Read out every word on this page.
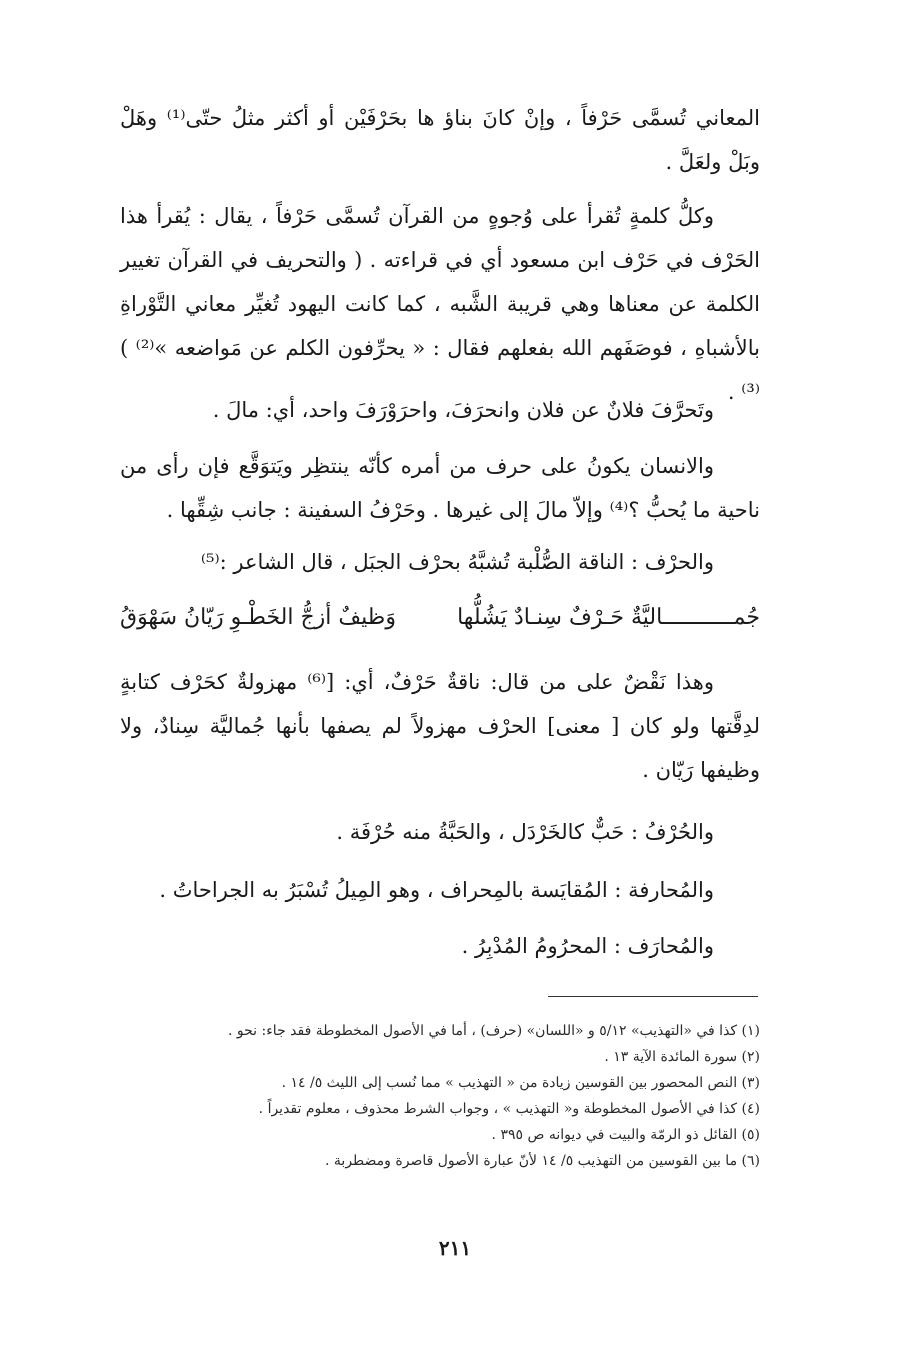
المعاني تُسمَّى حَرْفاً ، وإنْ كانَ بناؤ ها بحَرْفَيْن أو أكثر مثلُ حتّى⁽¹⁾ وهَلْ وبَلْ ولعَلَّ .

وكلُّ كلمةٍ تُقرأ على وُجوهٍ من القرآن تُسمَّى حَرْفاً ، يقال : يُقرأ هذا الحَرْف في حَرْف ابن مسعود أي في قراءته . ( والتحريف في القرآن تغيير الكلمة عن معناها وهي قريبة الشَّبه ، كما كانت اليهود تُغيِّر معاني التَّوْراةِ بالأشباهِ ، فوصَفَهم الله بفعلهم فقال : « يحرِّفون الكلم عن مَواضعه »⁽²⁾ )⁽³⁾ .

وتَحرَّفَ فلانٌ عن فلان وانحرَفَ، واحرَوْرَفَ واحد، أي: مالَ .

والانسان يكونُ على حرف من أمره كأنّه ينتظِر ويَتوَقَّع فإن رأى من ناحية ما يُحبُّ ؟⁽⁴⁾ وإلاّ مالَ إلى غيرها . وحَرْفُ السفينة : جانب شِقِّها .

والحرْف : الناقة الصُّلْبة تُشبَّهُ بحرْف الجبَل ، قال الشاعر :⁽⁵⁾

جُمـــــــــــاليَّةٌ حَـرْفٌ سِنـادٌ يَشُلُّها
وَظيفٌ أزجُّ الخَطْـوِ رَيّانُ سَهْوَقُ

وهذا نَقْضٌ على من قال: ناقةٌ حَرْفٌ، أي: [⁽⁶⁾ مهزولةٌ كحَرْف كتابةٍ لدِقَّتها ولو كان [ معنى] الحرْف مهزولاً لم يصفها بأنها جُماليَّة سِنادٌ، ولا وظيفها رَيّان .

والحُرْفُ : حَبٌّ كالخَرْدَل ، والحَبَّةُ منه حُرْفَة .

والمُحارفة : المُقايَسة بالمِحراف ، وهو المِيلُ تُسْبَرُ به الجراحاتُ .

والمُحارَف : المحرُومُ المُدْبِرُ .

(١) كذا في «التهذيب» ٥/١٢ و «اللسان» (حرف) ، أما في الأصول المخطوطة فقد جاء: نحو .
(٢) سورة المائدة الآية ١٣ .
(٣) النص المحصور بين القوسين زيادة من « التهذيب » مما نُسب إلى الليث ٥/ ١٤ .
(٤) كذا في الأصول المخطوطة و« التهذيب » ، وجواب الشرط محذوف ، معلوم تقديراً .
(٥) القائل ذو الرمّة والبيت في ديوانه ص ٣٩٥ .
(٦) ما بين القوسين من التهذيب ٥/ ١٤ لأنّ عبارة الأصول قاصرة ومضطربة .
٢١١
